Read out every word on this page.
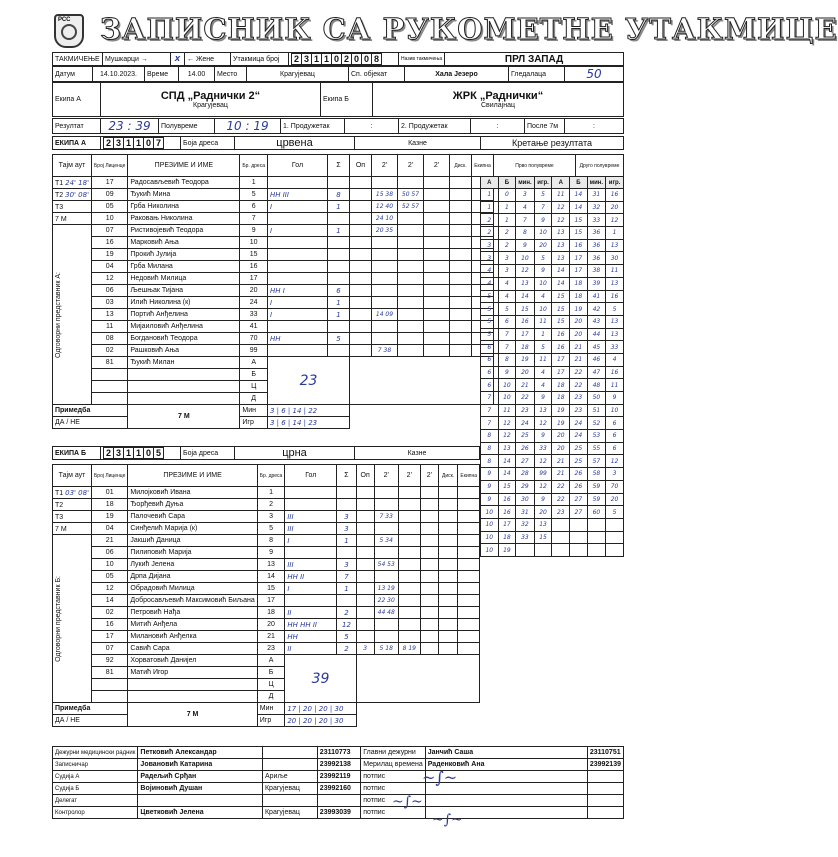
РСС ЗАПИСНИК СА РУКОМЕТНЕ УТАКМИЦЕ
ТАКМИЧЕЊЕ	Мушкарци →	X	← Жене	Утакмица број	2 3 1 1 0 2 0 0 8	Назив такмичења	ПРЛ ЗАПАД
Датум	14.10.2023.	Време	14.00	Место	Крагујевац	Сп. објекат	Хала Језеро	Гледалаца	50
Екипа А	СПД „Раднички 2“
Крагујевац
	Екипа Б	ЖРК „Раднички“
Свилајнац
Резултат	23 : 39	Полувреме	10 : 19	1. Продужетак	:	2. Продужетак	:	После 7м	:
ЕКИПА А	2 3 1 1 0 7	Боја дреса	црвена	Казне	Кретање резултата
Тајм аут	Број Лиценце	ПРЕЗИМЕ И ИМЕ	Бр. дреса	Гол	Σ	Оп	2'	2'	2'	Диск.	Екипна	Прво полувреме	Друго полувреме
T1 24' 18'	17	Радосављевић Теодора	1										
T2 30' 08'	09	Ђукић Мина	5	HH III	8		15 38	50 57					
T3	05	Грба Николина	6	I	1		12 40	52 57					
7 М	10	Раковањ Николина	7				24 10						

Одговорни представник А:	07	Ристивојевић Теодора	9	I	1		20 35						
	16	Марковић Ања	10										
	19	Прокић Јулија	15										
	04	Грба Милана	16										
	12	Недовић Милица	17										
	06	Љешњак Тијана	20	HH I	6								
	03	Илић Николина (к)	24	I	1								
	13	Портић Анђелина	33	I	1		14 09						
	11	Мијаиловић Анђелина	41										
	08	Богдановић Теодора	70	HH	5								
	02	Рашковић Ања	99				7 38						
	81	Ђукић Милан	А	23									
			Б										
			Ц										
			Д										
Примедба		7 М	Мин	3 | 6 | 14 | 22									
ДА / НЕ			Игр	3 | 6 | 14 | 23									
А	Б	мин.	игр.	А	Б	мин.	игр.
1	0	3	5	11	14	31	16
1	1	4	7	12	14	32	20
2	1	7	9	12	15	33	12
2	2	8	10	13	15	36	1
3	2	9	20	13	16	36	13
3	3	10	5	13	17	36	30
4	3	12	9	14	17	38	11
4	4	13	10	14	18	39	13
5	4	14	4	15	18	41	16
5	5	15	10	15	19	42	5
5	6	16	11	15	20	43	13
5	7	17	1	16	20	44	13
6	7	18	5	16	21	45	33
6	8	19	11	17	21	46	4
6	9	20	4	17	22	47	16
6	10	21	4	18	22	48	11
7	10	22	9	18	23	50	9
7	11	23	13	19	23	51	10
7	12	24	12	19	24	52	6
8	12	25	9	20	24	53	6
8	13	26	33	20	25	55	6
8	14	27	12	21	25	57	12
9	14	28	99	21	26	58	3
9	15	29	12	22	26	59	70
9	16	30	9	22	27	59	20
10	16	31	20	23	27	60	5
10	17	32	13				
10	18	33	15				
10	19						
ЕКИПА Б	2 3 1 1 0 5	Боја дреса	црна	Казне
Тајм аут	Број Лиценце	ПРЕЗИМЕ И ИМЕ	Бр. дреса	Гол	Σ	Оп	2'	2'	2'	Диск.	Екипна
T1 03' 08'	01	Милојковић Ивана	1								
T2	18	Ђорђевић Дуња	2								
T3	19	Палочевић Сара	3	III	3		7 33				
7 М	04	Синђелић Марија (к)	5	III	3						

Одговорни представник Б:	21	Јакшић Даница	8	I	1		5 34				
	06	Пилиповић Марија	9								
	10	Лукић Јелена	13	III	3		54 53				
	05	Дрпа Дијана	14	HH II	7						
	12	Обрадовић Милица	15	I	1		13 19				
	14	Добросављевић Максимовић Биљана	17				22 30				
	02	Петровић Нађа	18	II	2		44 48				
	16	Митић Анђела	20	HH HH II	12						
	17	Милановић Анђелка	21	HH	5						
	07	Савић Сара	23	II	2	3	5 18	8 19			
	92	Хорватовић Данијел	А	39							
	81	Матић Игор	Б								
			Ц								
			Д								
Примедба		7 М	Мин	17 | 20 | 20 | 30							
ДА / НЕ			Игр	20 | 20 | 20 | 30							
Дежурни медицински радник	Петковић Александар		23110773	Главни дежурни	Јанчић Саша	23110751
Записничар	Јовановић Катарина		23992138	Мерилац времена	Раденковић Ана	23992139
Судија А	Радељић Срђан	Ариље	23992119	потпис		
Судија Б	Војиновић Душан	Крагујевац	23992160	потпис		
Делегат				потпис		
Контролор	Цветковић Јелена	Крагујевац	23993039	потпис		
~∫~
~∫~
~∫~
